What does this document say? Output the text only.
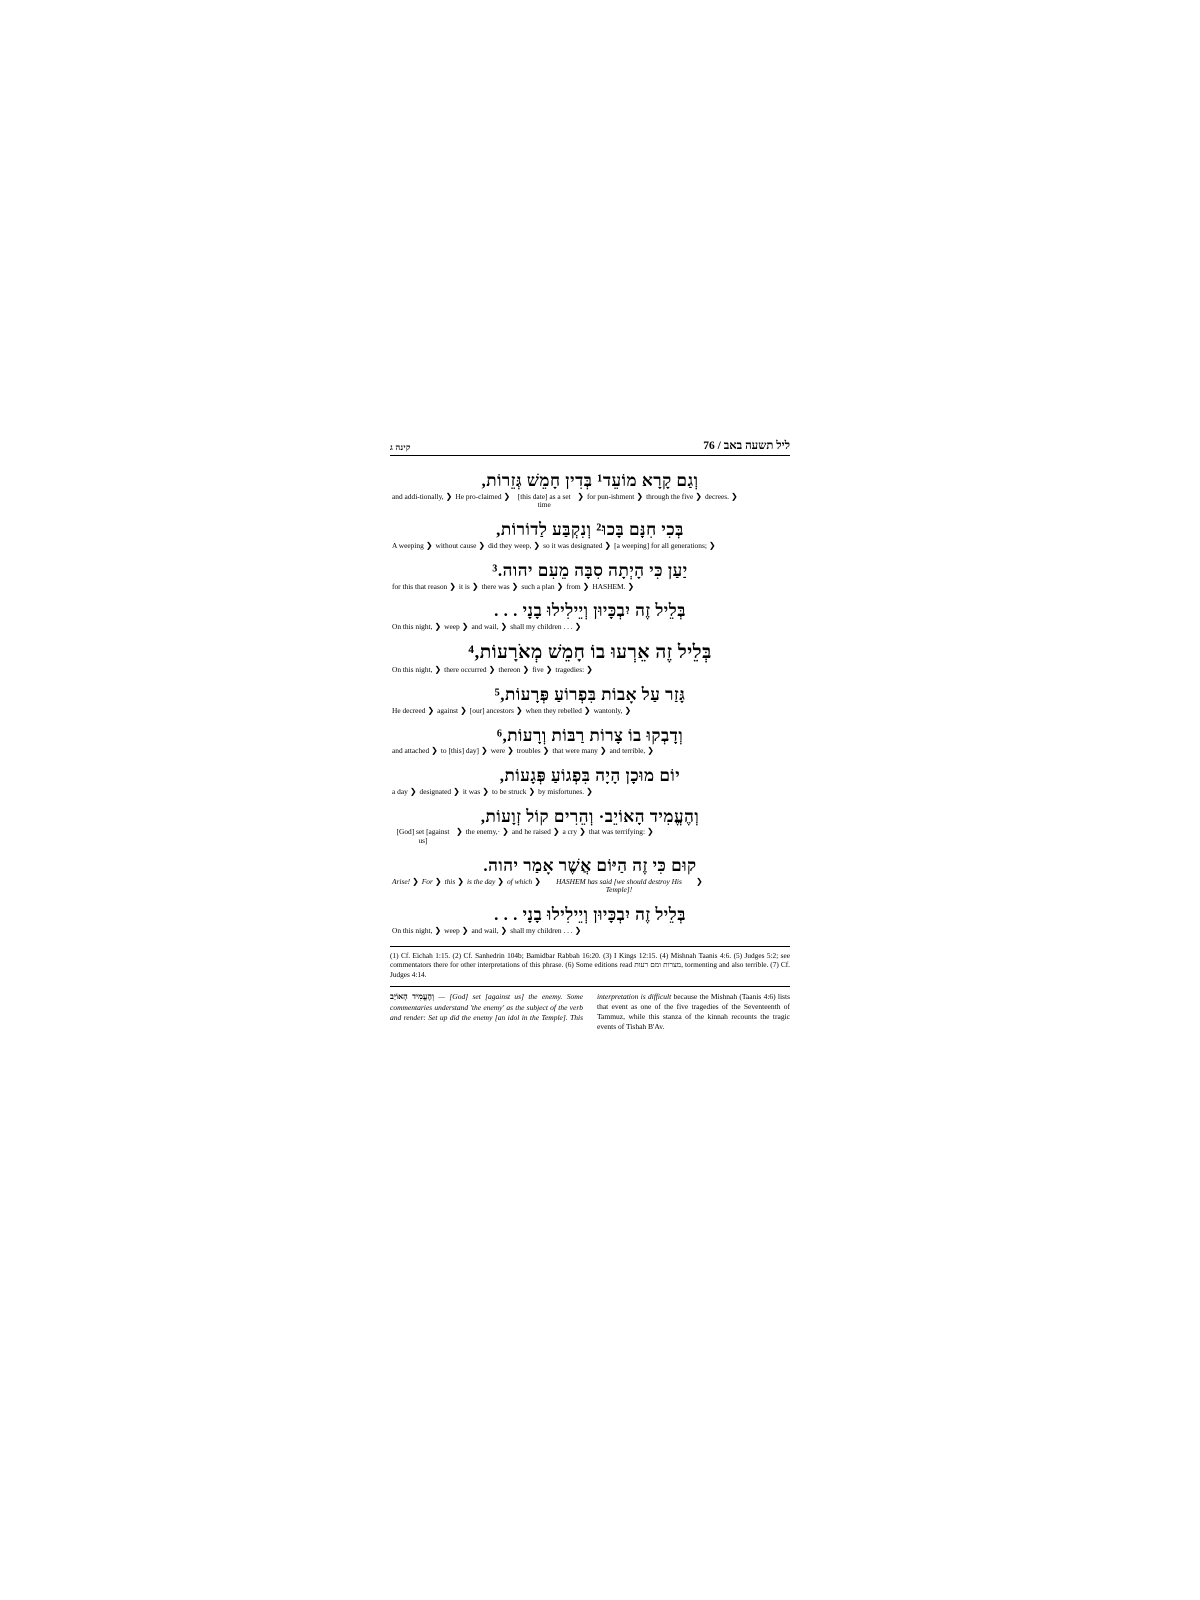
קינה ג	ליל תשעה באב / 76
וְגַם קָרָא מוֹעֵד¹ בְּדִין חָמֵשׁ גְּזֵרוֹת,
❮
decrees.
❮
through the five
❮
for pun-ishment
❮
[this date] as a set time
❮
He pro-claimed
❮
and addi-tionally,
בְּכִי חִנָּם בָּכוּ² וְנִקְבַּע לַדוֹרוֹת,
❮
[a weeping] for all generations;
❮
so it was designated
❮
did they weep,
❮
without cause
❮
A weeping
יַעַן כִּי הָיְתָה סִבָּה מֵעִם יהוה.³
❮
HASHEM.
❮
from
❮
such a plan
❮
there was
❮
it is
❮
for this that reason
בְּלֵיל זֶה יִבְכָּיוּן וְיֵילִילוּ בָנָי . . .
❮
shall my children . . .
❮
and wail,
❮
weep
❮
On this night,
בְּלֵיל זֶה אֵרְעוּ בוֹ חָמֵשׁ מְאֹרָעוֹת,⁴
❮
tragedies:
❮
five
❮
thereon
❮
there occurred
❮
On this night,
גָּזַר עַל אָבוֹת בִּפְרוֹעַ פְּרָעוֹת,⁵
❮
wantonly,
❮
when they rebelled
❮
[our] ancestors
❮
against
❮
He decreed
וְדָבְקוּ בוֹ צָרוֹת רַבּוֹת וְרָעוֹת,⁶
❮
and terrible,
❮
that were many
❮
troubles
❮
were
❮
to [this] day]
❮
and attached
יוֹם מוּכָן הָיָה בִּפְגוֹעַ פְּגָעוֹת,
❮
by misfortunes.
❮
to be struck
❮
it was
❮
designated
❮
a day
וְהֶעֱמִיד הָאוֹיֵב· וְהֵרִים קוֹל זְוָעוֹת,
❮
that was terrifying:
❮
a cry
❮
and he raised
❮
the enemy,·
❮
[God] set [against us]
קוּם כִּי זֶה הַיּוֹם אֲשֶׁר אָמַר יהוה.
❮
HASHEM has said [we should destroy His Temple]!
❮
of which
❮
is the day
❮
this
❮
For
❮
Arise!
בְּלֵיל זֶה יִבְכָּיוּן וְיֵילִילוּ בָנָי . . .
❮
shall my children . . .
❮
and wail,
❮
weep
❮
On this night,
(1) Cf. Eichah 1:15. (2) Cf. Sanhedrin 104b; Bamidbar Rabbah 16:20. (3) I Kings 12:15. (4) Mishnah Taanis 4:6. (5) Judges 5:2; see commentators there for other interpretations of this phrase. (6) Some editions read מצרות ומם רעות, tormenting and also terrible. (7) Cf. Judges 4:14.
וְהֶעֱמִיד הָאוֹיֵב — [God] set [against us] the enemy. Some commentaries understand 'the enemy' as the subject of the verb and render: Set up did the enemy [an idol in the Temple]. This interpretation is difficult because the Mishnah (Taanis 4:6) lists that event as one of the five tragedies of the Seventeenth of Tammuz, while this stanza of the kinnah recounts the tragic events of Tishah B'Av.
